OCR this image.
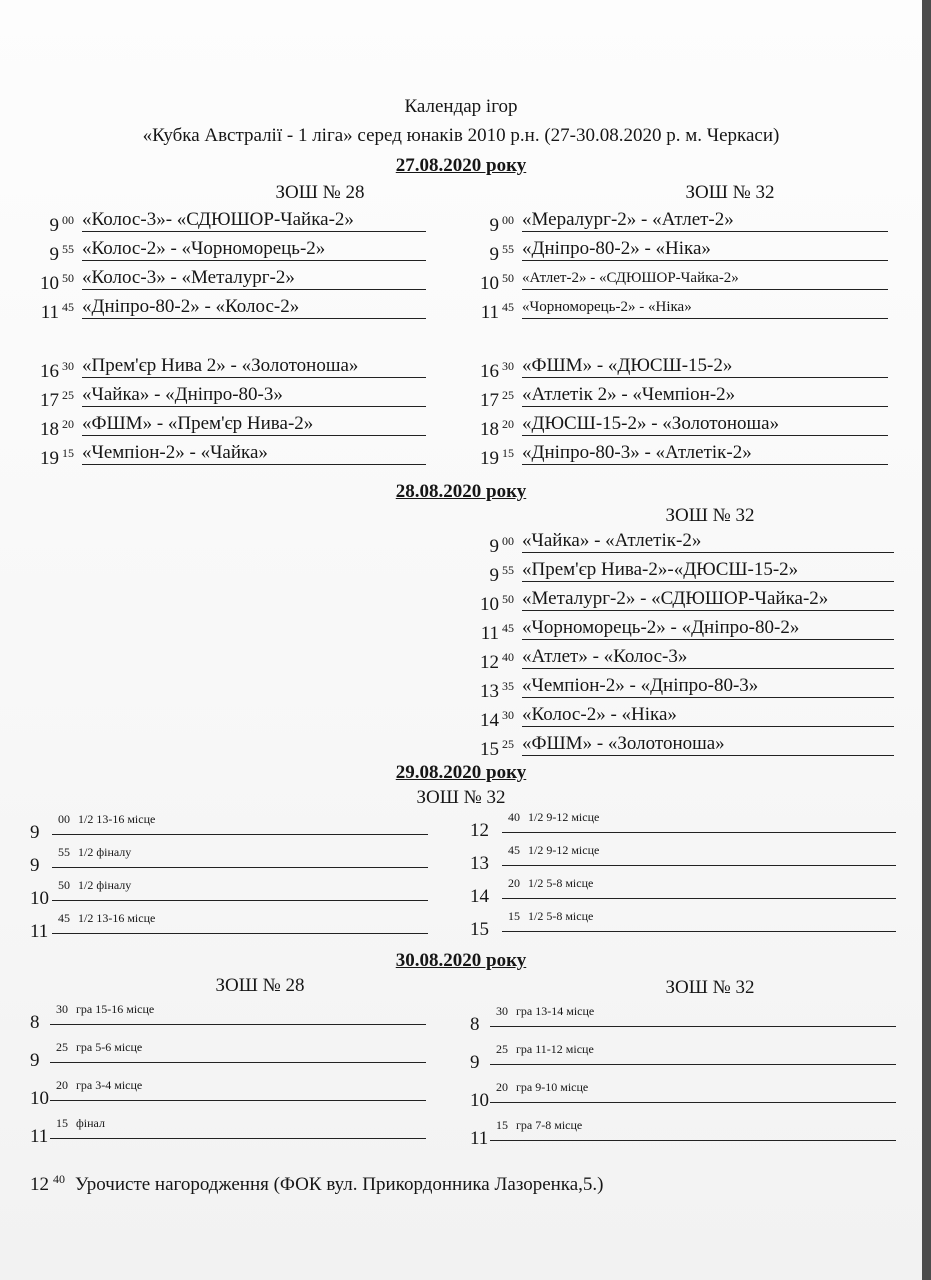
Календар ігор
«Кубка Австралії - 1 ліга» серед юнаків 2010 р.н. (27-30.08.2020 р. м. Черкаси)
27.08.2020 року
ЗОШ № 28	ЗОШ № 32
9 $^{00}$ «Колос-3»- «СДЮШОР-Чайка-2»
9 $^{55}$ «Колос-2» - «Чорноморець-2»
10 $^{50}$ «Колос-3» - «Металург-2»
11 $^{45}$ «Дніпро-80-2» - «Колос-2»
16 $^{30}$ «Прем'єр Нива 2» - «Золотоноша»
17 $^{25}$ «Чайка» - «Дніпро-80-3»
18 $^{20}$ «ФШМ» - «Прем'єр Нива-2»
19 $^{15}$ «Чемпіон-2» - «Чайка»
9 $^{00}$ «Мералург-2» - «Атлет-2»
9 $^{55}$ «Дніпро-80-2» - «Ніка»
10 $^{50}$ «Атлет-2» - «СДЮШОР-Чайка-2»
11 $^{45}$ «Чорноморець-2» - «Ніка»
16 $^{30}$ «ФШМ» - «ДЮСШ-15-2»
17 $^{25}$ «Атлетік 2» - «Чемпіон-2»
18 $^{20}$ «ДЮСШ-15-2» - «Золотоноша»
19 $^{15}$ «Дніпро-80-3» - «Атлетік-2»
28.08.2020 року
ЗОШ № 32
9 $^{00}$ «Чайка» - «Атлетік-2»
9 $^{55}$ «Прем'єр Нива-2»-«ДЮСШ-15-2»
10 $^{50}$ «Металург-2» - «СДЮШОР-Чайка-2»
11 $^{45}$ «Чорноморець-2» - «Дніпро-80-2»
12 $^{40}$ «Атлет» - «Колос-3»
13 $^{35}$ «Чемпіон-2» - «Дніпро-80-3»
14 $^{30}$ «Колос-2» - «Ніка»
15 $^{25}$ «ФШМ» - «Золотоноша»
29.08.2020 року
ЗОШ № 32
9
00 1/2 13-16 місце
9
55 1/2 фіналу
10
50 1/2 фіналу
11
45 1/2 13-16 місце
12
40 1/2 9-12 місце
13
45 1/2 9-12 місце
14
20 1/2 5-8 місце
15
15 1/2 5-8 місце
30.08.2020 року
ЗОШ № 28	ЗОШ № 32
8
30 гра 15-16 місце
9
25 гра 5-6 місце
10
20 гра 3-4 місце
11
15 фінал
8
30 гра 13-14 місце
9
25 гра 11-12 місце
10
20 гра 9-10 місце
11
15 гра 7-8 місце
12 $^{40}$ Урочисте нагородження (ФОК вул. Прикордонника Лазоренка,5.)
